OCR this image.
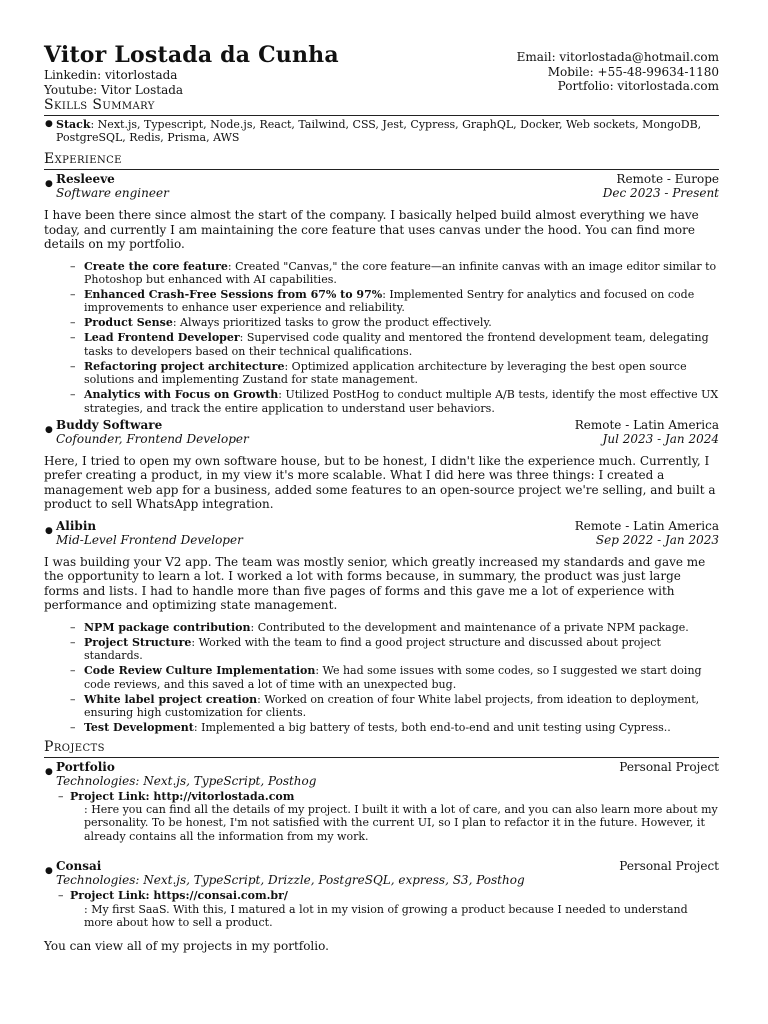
Vitor Lostada da Cunha
Linkedin: vitorlostada
Youtube: Vitor Lostada
Email: vitorlostada@hotmail.com
Mobile: +55-48-99634-1180
Portfolio: vitorlostada.com
Skills Summary
● Stack: Next.js, Typescript, Node.js, React, Tailwind, CSS, Jest, Cypress, GraphQL, Docker, Web sockets, MongoDB, PostgreSQL, Redis, Prisma, AWS
Experience
● Resleeve	Remote - Europe
Software engineer	Dec 2023 - Present

I have been there since almost the start of the company. I basically helped build almost everything we have today, and currently I am maintaining the core feature that uses canvas under the hood. You can find more details on my portfolio.

– Create the core feature: Created "Canvas," the core feature—an infinite canvas with an image editor similar to Photoshop but enhanced with AI capabilities.
– Enhanced Crash-Free Sessions from 67% to 97%: Implemented Sentry for analytics and focused on code improvements to enhance user experience and reliability.
– Product Sense: Always prioritized tasks to grow the product effectively.
– Lead Frontend Developer: Supervised code quality and mentored the frontend development team, delegating tasks to developers based on their technical qualifications.
– Refactoring project architecture: Optimized application architecture by leveraging the best open source solutions and implementing Zustand for state management.
– Analytics with Focus on Growth: Utilized PostHog to conduct multiple A/B tests, identify the most effective UX strategies, and track the entire application to understand user behaviors.
● Buddy Software	Remote - Latin America
Cofounder, Frontend Developer	Jul 2023 - Jan 2024

Here, I tried to open my own software house, but to be honest, I didn't like the experience much. Currently, I prefer creating a product, in my view it's more scalable. What I did here was three things: I created a management web app for a business, added some features to an open-source project we're selling, and built a product to sell WhatsApp integration.

● Alibin	Remote - Latin America
Mid-Level Frontend Developer	Sep 2022 - Jan 2023

I was building your V2 app. The team was mostly senior, which greatly increased my standards and gave me the opportunity to learn a lot. I worked a lot with forms because, in summary, the product was just large forms and lists. I had to handle more than five pages of forms and this gave me a lot of experience with performance and optimizing state management.

– NPM package contribution: Contributed to the development and maintenance of a private NPM package.
– Project Structure: Worked with the team to find a good project structure and discussed about project standards.
– Code Review Culture Implementation: We had some issues with some codes, so I suggested we start doing code reviews, and this saved a lot of time with an unexpected bug.
– White label project creation: Worked on creation of four White label projects, from ideation to deployment, ensuring high customization for clients.
– Test Development: Implemented a big battery of tests, both end-to-end and unit testing using Cypress..
Projects
● Portfolio	Personal Project
Technologies: Next.js, TypeScript, Posthog
– Project Link: http://vitorlostada.com
: Here you can find all the details of my project. I built it with a lot of care, and you can also learn more about my personality. To be honest, I'm not satisfied with the current UI, so I plan to refactor it in the future. However, it already contains all the information from my work.
● Consai	Personal Project
Technologies: Next.js, TypeScript, Drizzle, PostgreSQL, express, S3, Posthog
– Project Link: https://consai.com.br/
: My first SaaS. With this, I matured a lot in my vision of growing a product because I needed to understand more about how to sell a product.
You can view all of my projects in my portfolio.
